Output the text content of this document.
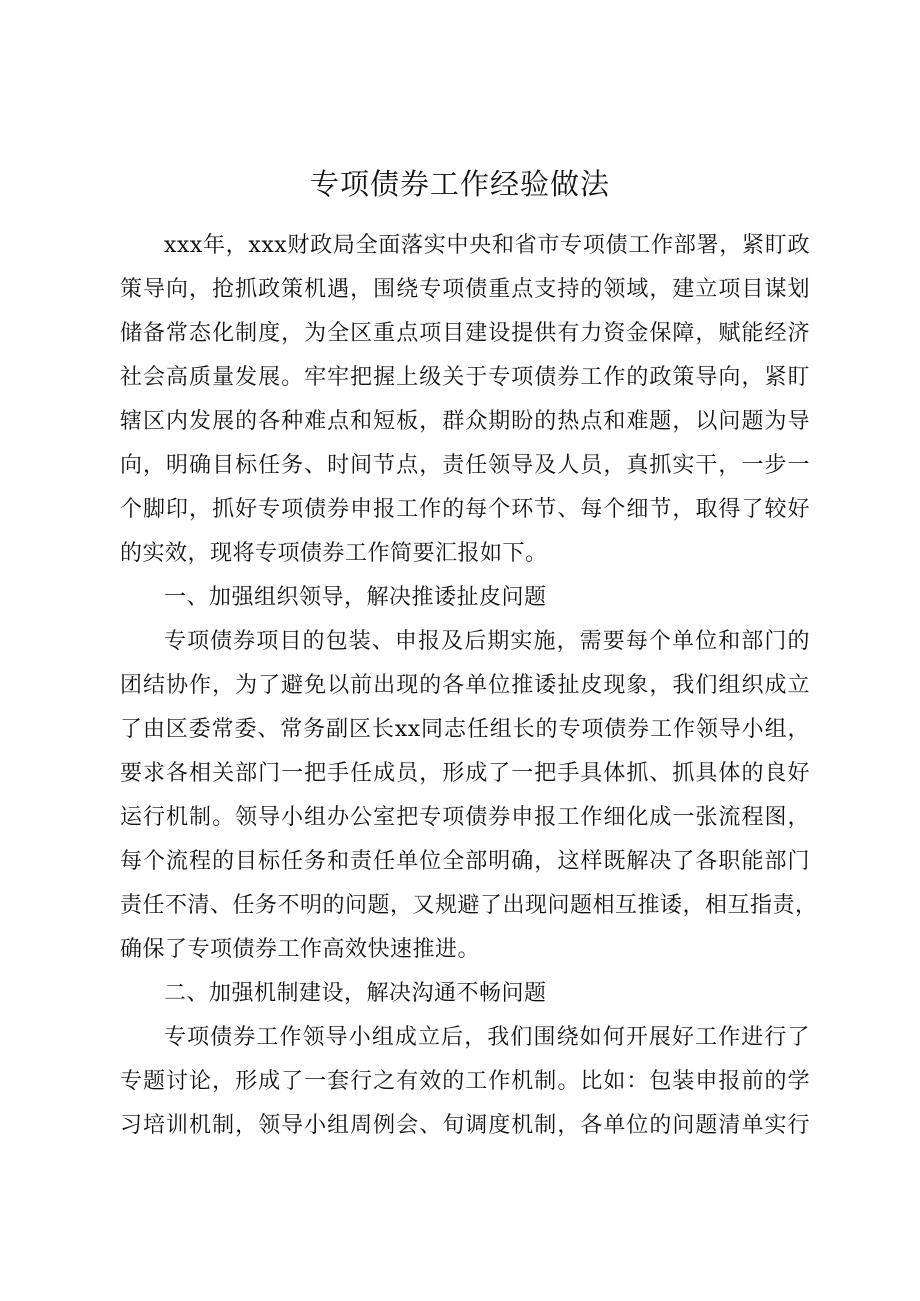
专项债券工作经验做法
xxx年，xxx财政局全面落实中央和省市专项债工作部署，紧盯政
策导向，抢抓政策机遇，围绕专项债重点支持的领域，建立项目谋划
储备常态化制度，为全区重点项目建设提供有力资金保障，赋能经济
社会高质量发展。牢牢把握上级关于专项债券工作的政策导向，紧盯
辖区内发展的各种难点和短板，群众期盼的热点和难题，以问题为导
向，明确目标任务、时间节点，责任领导及人员，真抓实干，一步一
个脚印，抓好专项债券申报工作的每个环节、每个细节，取得了较好
的实效，现将专项债券工作简要汇报如下。
一、加强组织领导，解决推诿扯皮问题
专项债券项目的包装、申报及后期实施，需要每个单位和部门的
团结协作，为了避免以前出现的各单位推诿扯皮现象，我们组织成立
了由区委常委、常务副区长xx同志任组长的专项债券工作领导小组，
要求各相关部门一把手任成员，形成了一把手具体抓、抓具体的良好
运行机制。领导小组办公室把专项债券申报工作细化成一张流程图，
每个流程的目标任务和责任单位全部明确，这样既解决了各职能部门
责任不清、任务不明的问题，又规避了出现问题相互推诿，相互指责，
确保了专项债券工作高效快速推进。
二、加强机制建设，解决沟通不畅问题
专项债券工作领导小组成立后，我们围绕如何开展好工作进行了
专题讨论，形成了一套行之有效的工作机制。比如：包装申报前的学
习培训机制，领导小组周例会、旬调度机制，各单位的问题清单实行
